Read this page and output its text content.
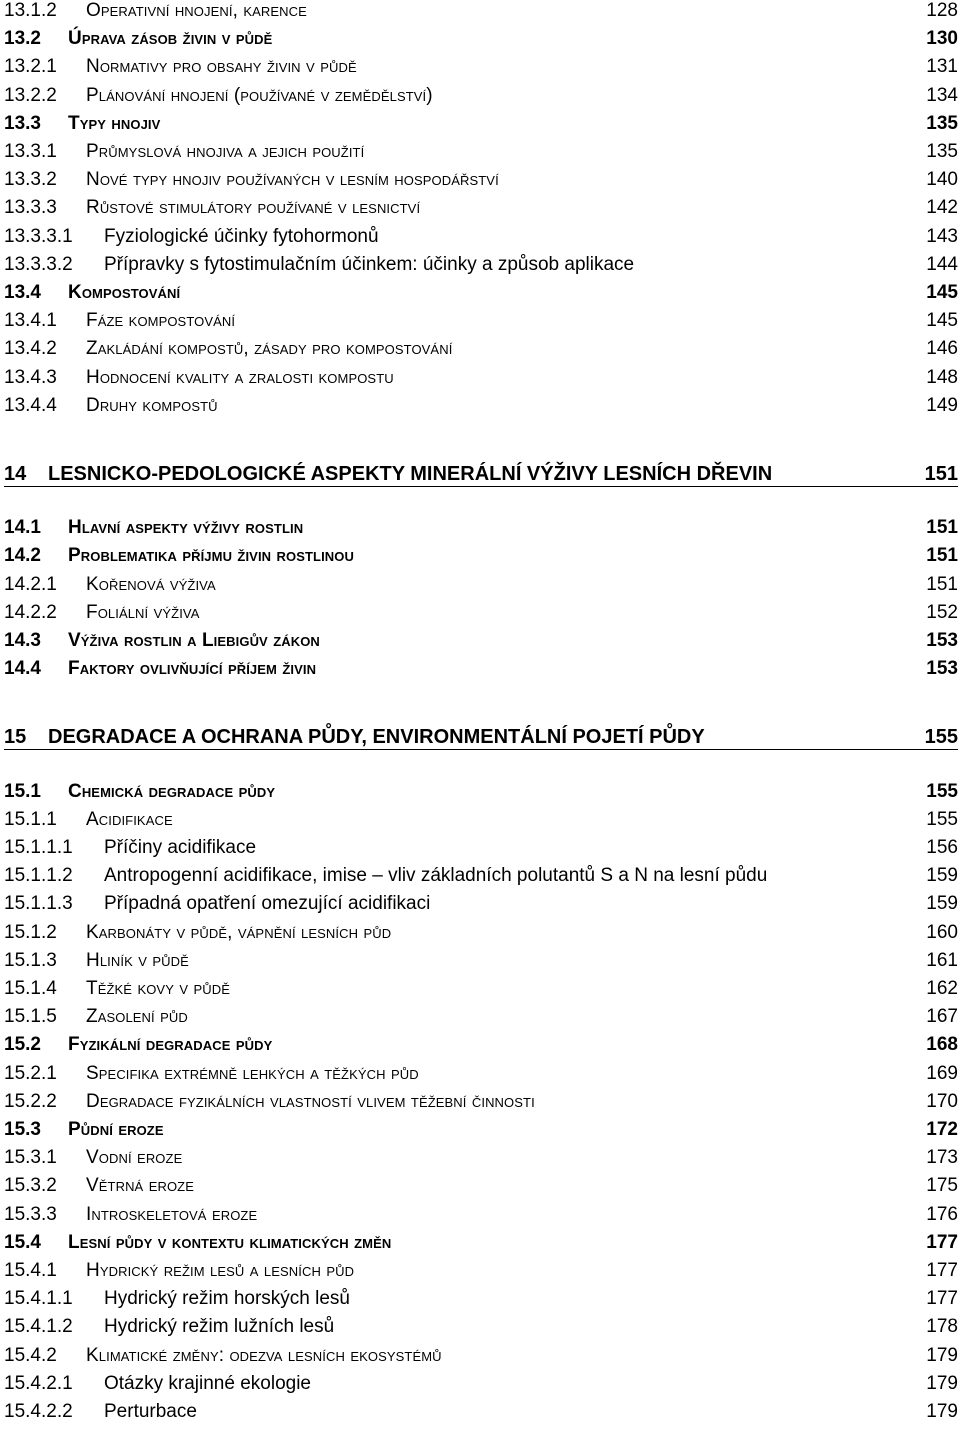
13.1.2 Operativní hnojení, karence	128
13.2 Úprava zásob živin v půdě	130
13.2.1 Normativy pro obsahy živin v půdě	131
13.2.2 Plánování hnojení (používané v zemědělství)	134
13.3 Typy hnojiv	135
13.3.1 Průmyslová hnojiva a jejich použití	135
13.3.2 Nové typy hnojiv používaných v lesním hospodářství	140
13.3.3 Růstové stimulátory používané v lesnictví	142
13.3.3.1 Fyziologické účinky fytohormonů	143
13.3.3.2 Přípravky s fytostimulačním účinkem: účinky a způsob aplikace	144
13.4 Kompostování	145
13.4.1 Fáze kompostování	145
13.4.2 Zakládání kompostů, zásady pro kompostování	146
13.4.3 Hodnocení kvality a zralosti kompostu	148
13.4.4 Druhy kompostů	149
14 LESNICKO-PEDOLOGICKÉ ASPEKTY MINERÁLNÍ VÝŽIVY LESNÍCH DŘEVIN	151
14.1 Hlavní aspekty výživy rostlin	151
14.2 Problematika příjmu živin rostlinou	151
14.2.1 Kořenová výživa	151
14.2.2 Foliální výživa	152
14.3 Výživa rostlin a Liebigův zákon	153
14.4 Faktory ovlivňující příjem živin	153
15 DEGRADACE A OCHRANA PŮDY, ENVIRONMENTÁLNÍ POJETÍ PŮDY	155
15.1 Chemická degradace půdy	155
15.1.1 Acidifikace	155
15.1.1.1 Příčiny acidifikace	156
15.1.1.2 Antropogenní acidifikace, imise – vliv základních polutantů S a N na lesní půdu	159
15.1.1.3 Případná opatření omezující acidifikaci	159
15.1.2 Karbonáty v půdě, vápnění lesních půd	160
15.1.3 Hliník v půdě	161
15.1.4 Těžké kovy v půdě	162
15.1.5 Zasolení půd	167
15.2 Fyzikální degradace půdy	168
15.2.1 Specifika extrémně lehkých a těžkých půd	169
15.2.2 Degradace fyzikálních vlastností vlivem těžební činnosti	170
15.3 Půdní eroze	172
15.3.1 Vodní eroze	173
15.3.2 Větrná eroze	175
15.3.3 Introskeletová eroze	176
15.4 Lesní půdy v kontextu klimatických změn	177
15.4.1 Hydrický režim lesů a lesních půd	177
15.4.1.1 Hydrický režim horských lesů	177
15.4.1.2 Hydrický režim lužních lesů	178
15.4.2 Klimatické změny: odezva lesních ekosystémů	179
15.4.2.1 Otázky krajinné ekologie	179
15.4.2.2 Perturbace	179
